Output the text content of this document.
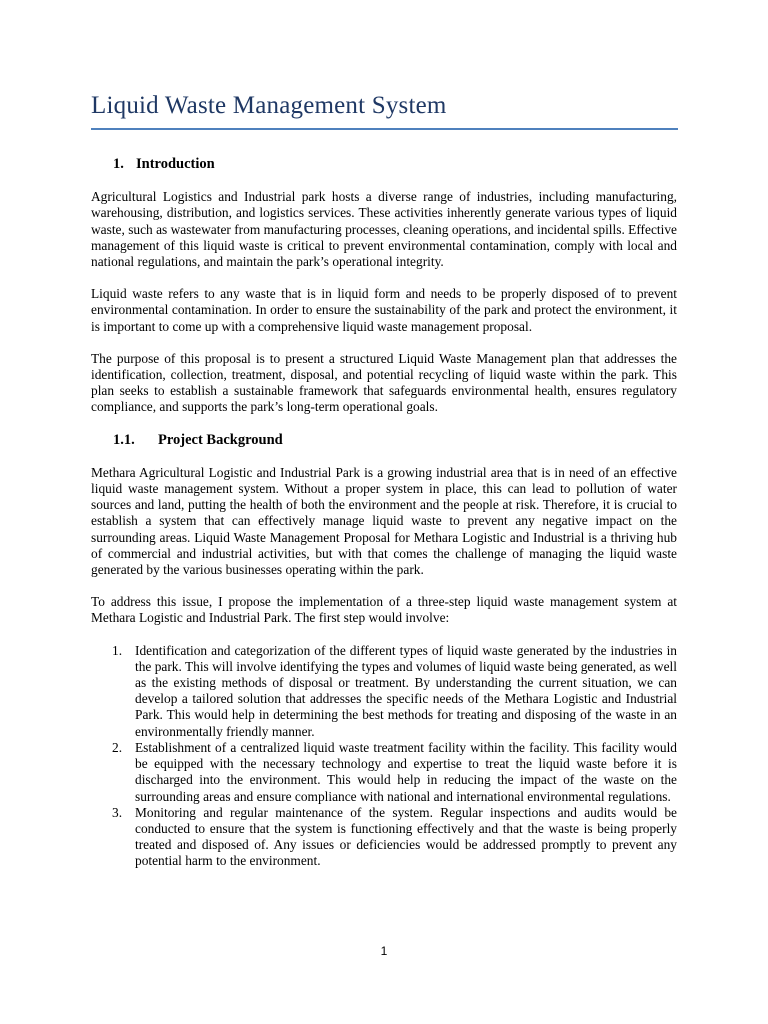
Liquid Waste Management System
1. Introduction

Agricultural Logistics and Industrial park hosts a diverse range of industries, including manufacturing, warehousing, distribution, and logistics services. These activities inherently generate various types of liquid waste, such as wastewater from manufacturing processes, cleaning operations, and incidental spills. Effective management of this liquid waste is critical to prevent environmental contamination, comply with local and national regulations, and maintain the park’s operational integrity.

Liquid waste refers to any waste that is in liquid form and needs to be properly disposed of to prevent environmental contamination. In order to ensure the sustainability of the park and protect the environment, it is important to come up with a comprehensive liquid waste management proposal.

The purpose of this proposal is to present a structured Liquid Waste Management plan that addresses the identification, collection, treatment, disposal, and potential recycling of liquid waste within the park. This plan seeks to establish a sustainable framework that safeguards environmental health, ensures regulatory compliance, and supports the park’s long-term operational goals.

1.1. Project Background

Methara Agricultural Logistic and Industrial Park is a growing industrial area that is in need of an effective liquid waste management system. Without a proper system in place, this can lead to pollution of water sources and land, putting the health of both the environment and the people at risk. Therefore, it is crucial to establish a system that can effectively manage liquid waste to prevent any negative impact on the surrounding areas. Liquid Waste Management Proposal for Methara Logistic and Industrial is a thriving hub of commercial and industrial activities, but with that comes the challenge of managing the liquid waste generated by the various businesses operating within the park.

To address this issue, I propose the implementation of a three-step liquid waste management system at Methara Logistic and Industrial Park. The first step would involve:

1. Identification and categorization of the different types of liquid waste generated by the industries in the park. This will involve identifying the types and volumes of liquid waste being generated, as well as the existing methods of disposal or treatment. By understanding the current situation, we can develop a tailored solution that addresses the specific needs of the Methara Logistic and Industrial Park. This would help in determining the best methods for treating and disposing of the waste in an environmentally friendly manner.
2. Establishment of a centralized liquid waste treatment facility within the facility. This facility would be equipped with the necessary technology and expertise to treat the liquid waste before it is discharged into the environment. This would help in reducing the impact of the waste on the surrounding areas and ensure compliance with national and international environmental regulations.
3. Monitoring and regular maintenance of the system. Regular inspections and audits would be conducted to ensure that the system is functioning effectively and that the waste is being properly treated and disposed of. Any issues or deficiencies would be addressed promptly to prevent any potential harm to the environment.
1
